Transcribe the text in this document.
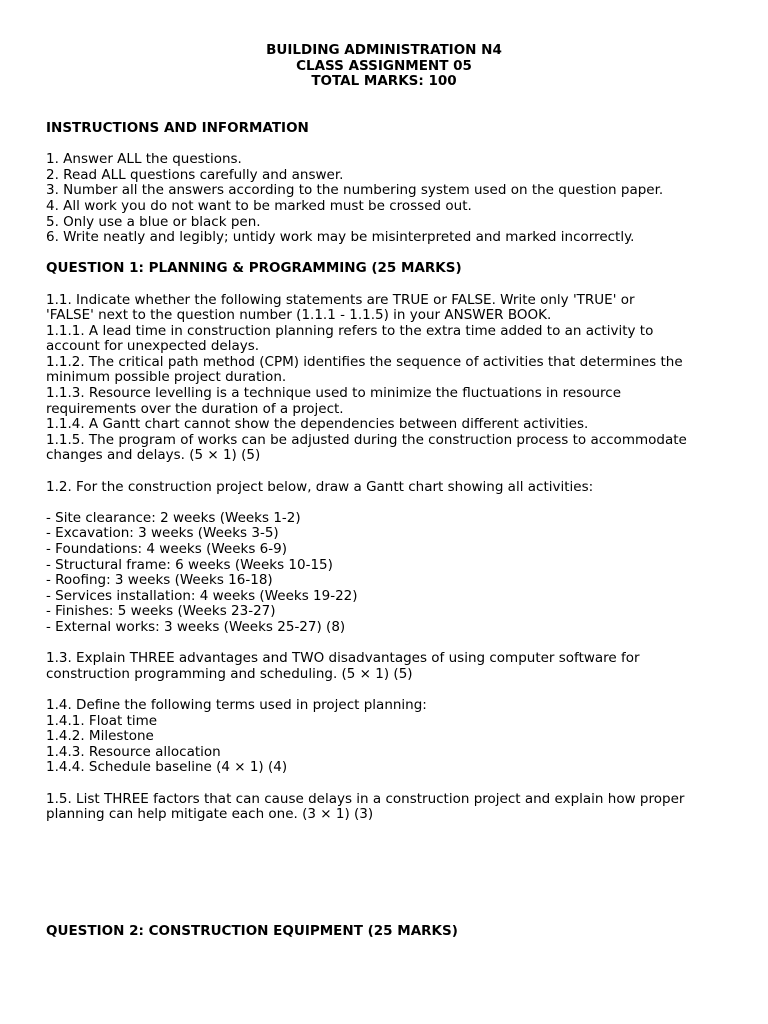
BUILDING ADMINISTRATION N4
CLASS ASSIGNMENT 05
TOTAL MARKS: 100
INSTRUCTIONS AND INFORMATION
1. Answer ALL the questions.
2. Read ALL questions carefully and answer.
3. Number all the answers according to the numbering system used on the question paper.
4. All work you do not want to be marked must be crossed out.
5. Only use a blue or black pen.
6. Write neatly and legibly; untidy work may be misinterpreted and marked incorrectly.
QUESTION 1: PLANNING & PROGRAMMING (25 MARKS)
1.1. Indicate whether the following statements are TRUE or FALSE. Write only 'TRUE' or
'FALSE' next to the question number (1.1.1 - 1.1.5) in your ANSWER BOOK.
1.1.1. A lead time in construction planning refers to the extra time added to an activity to
account for unexpected delays.
1.1.2. The critical path method (CPM) identifies the sequence of activities that determines the
minimum possible project duration.
1.1.3. Resource levelling is a technique used to minimize the fluctuations in resource
requirements over the duration of a project.
1.1.4. A Gantt chart cannot show the dependencies between different activities.
1.1.5. The program of works can be adjusted during the construction process to accommodate
changes and delays. (5 × 1) (5)
1.2. For the construction project below, draw a Gantt chart showing all activities:
- Site clearance: 2 weeks (Weeks 1-2)
- Excavation: 3 weeks (Weeks 3-5)
- Foundations: 4 weeks (Weeks 6-9)
- Structural frame: 6 weeks (Weeks 10-15)
- Roofing: 3 weeks (Weeks 16-18)
- Services installation: 4 weeks (Weeks 19-22)
- Finishes: 5 weeks (Weeks 23-27)
- External works: 3 weeks (Weeks 25-27) (8)
1.3. Explain THREE advantages and TWO disadvantages of using computer software for
construction programming and scheduling. (5 × 1) (5)
1.4. Define the following terms used in project planning:
1.4.1. Float time
1.4.2. Milestone
1.4.3. Resource allocation
1.4.4. Schedule baseline (4 × 1) (4)
1.5. List THREE factors that can cause delays in a construction project and explain how proper
planning can help mitigate each one. (3 × 1) (3)
QUESTION 2: CONSTRUCTION EQUIPMENT (25 MARKS)
